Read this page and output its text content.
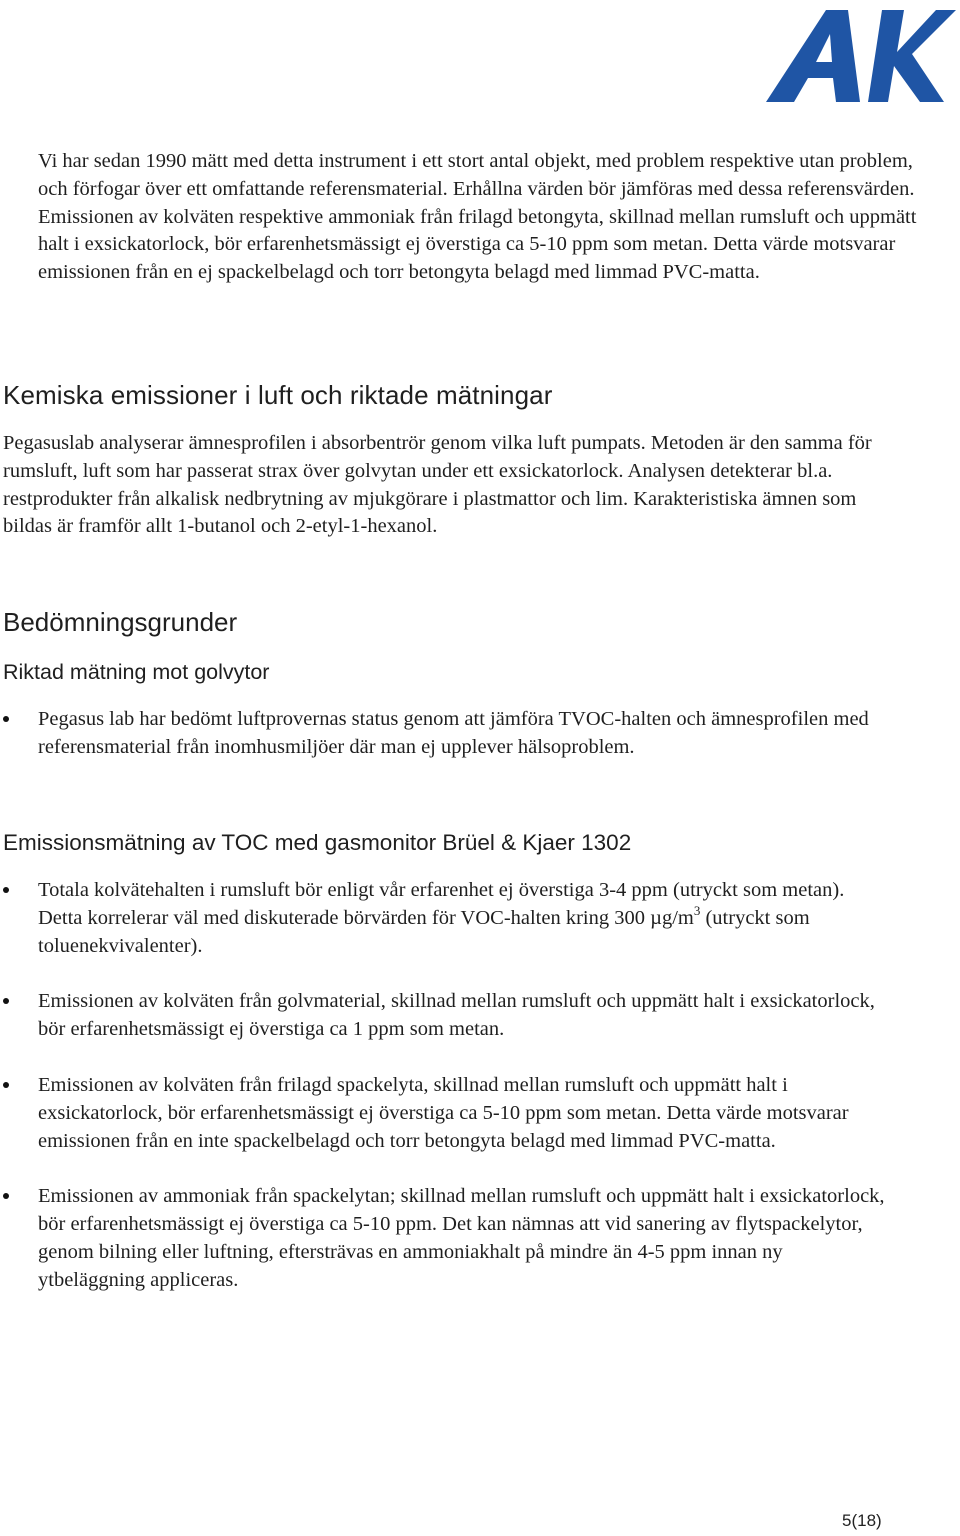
Vi har sedan 1990 mätt med detta instrument i ett stort antal objekt, med problem respektive utan problem, och förfogar över ett omfattande referensmaterial. Erhållna värden bör jämföras med dessa referensvärden.

Emissionen av kolväten respektive ammoniak från frilagd betongyta, skillnad mellan rumsluft och uppmätt halt i exsickatorlock, bör erfarenhetsmässigt ej överstiga ca 5-10 ppm som metan. Detta värde motsvarar emissionen från en ej spackelbelagd och torr betongyta belagd med limmad PVC-matta.

Kemiska emissioner i luft och riktade mätningar

Pegasuslab analyserar ämnesprofilen i absorbentrör genom vilka luft pumpats. Metoden är den samma för rumsluft, luft som har passerat strax över golvytan under ett exsickatorlock. Analysen detekterar bl.a. restprodukter från alkalisk nedbrytning av mjukgörare i plastmattor och lim. Karakteristiska ämnen som bildas är framför allt 1-butanol och 2-etyl-1-hexanol.

Bedömningsgrunder
Riktad mätning mot golvytor
Pegasus lab har bedömt luftprovernas status genom att jämföra TVOC-halten och ämnesprofilen med referensmaterial från inomhusmiljöer där man ej upplever hälsoproblem.
Emissionsmätning av TOC med gasmonitor Brüel & Kjaer 1302
Totala kolvätehalten i rumsluft bör enligt vår erfarenhet ej överstiga 3-4 ppm (utryckt som metan). Detta korrelerar väl med diskuterade börvärden för VOC-halten kring 300 $\mu g/m^3$ (utryckt som toluenekvivalenter).
Emissionen av kolväten från golvmaterial, skillnad mellan rumsluft och uppmätt halt i exsickatorlock, bör erfarenhetsmässigt ej överstiga ca 1 ppm som metan.
Emissionen av kolväten från frilagd spackelyta, skillnad mellan rumsluft och uppmätt halt i exsickatorlock, bör erfarenhetsmässigt ej överstiga ca 5-10 ppm som metan. Detta värde motsvarar emissionen från en inte spackelbelagd och torr betongyta belagd med limmad PVC-matta.
Emissionen av ammoniak från spackelytan; skillnad mellan rumsluft och uppmätt halt i exsickatorlock, bör erfarenhetsmässigt ej överstiga ca 5-10 ppm. Det kan nämnas att vid sanering av flytspackelytor, genom bilning eller luftning, eftersträvas en ammoniakhalt på mindre än 4-5 ppm innan ny ytbeläggning appliceras.
5(18)
